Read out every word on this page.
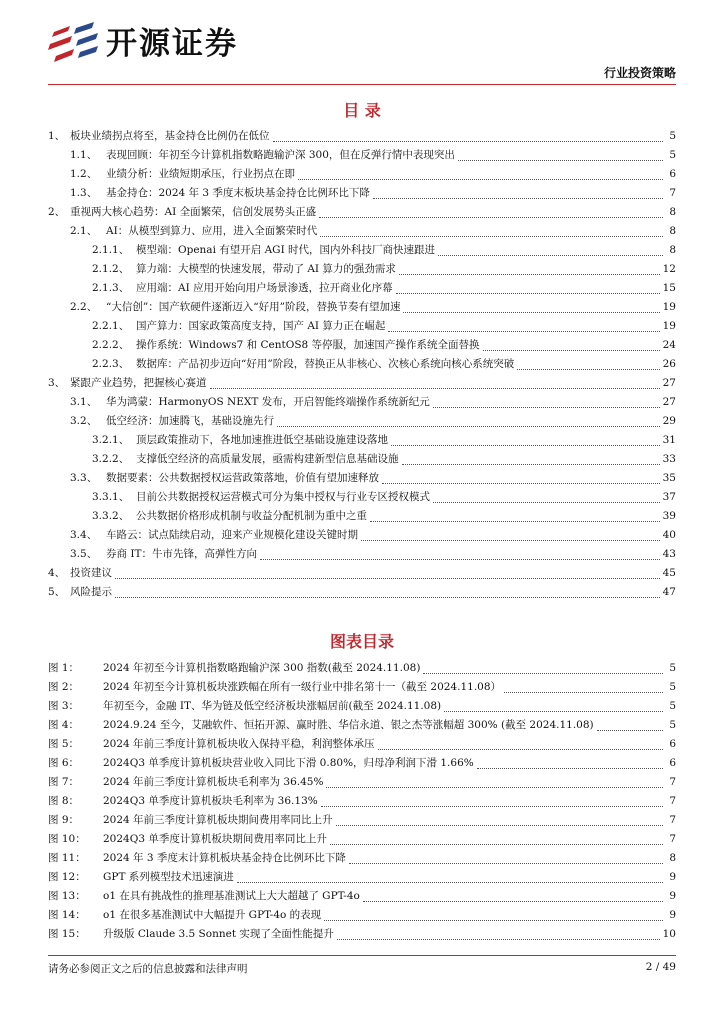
开源证券
行业投资策略
目 录
1、 板块业绩拐点将至，基金持仓比例仍在低位	5
1.1、 表现回顾：年初至今计算机指数略跑输沪深 300，但在反弹行情中表现突出	5
1.2、 业绩分析：业绩短期承压，行业拐点在即	6
1.3、 基金持仓：2024 年 3 季度末板块基金持仓比例环比下降	7
2、 重视两大核心趋势：AI 全面繁荣，信创发展势头正盛	8
2.1、 AI：从模型到算力、应用，进入全面繁荣时代	8
2.1.1、 模型端：Openai 有望开启 AGI 时代，国内外科技厂商快速跟进	8
2.1.2、 算力端：大模型的快速发展，带动了 AI 算力的强劲需求	12
2.1.3、 应用端：AI 应用开始向用户场景渗透，拉开商业化序幕	15
2.2、 “大信创”：国产软硬件逐渐迈入“好用”阶段，替换节奏有望加速	19
2.2.1、 国产算力：国家政策高度支持，国产 AI 算力正在崛起	19
2.2.2、 操作系统：Windows7 和 CentOS8 等停服，加速国产操作系统全面替换	24
2.2.3、 数据库：产品初步迈向“好用”阶段，替换正从非核心、次核心系统向核心系统突破	26
3、 紧跟产业趋势，把握核心赛道	27
3.1、 华为鸿蒙：HarmonyOS NEXT 发布，开启智能终端操作系统新纪元	27
3.2、 低空经济：加速腾飞，基础设施先行	29
3.2.1、 顶层政策推动下，各地加速推进低空基础设施建设落地	31
3.2.2、 支撑低空经济的高质量发展，亟需构建新型信息基础设施	33
3.3、 数据要素：公共数据授权运营政策落地，价值有望加速释放	35
3.3.1、 目前公共数据授权运营模式可分为集中授权与行业专区授权模式	37
3.3.2、 公共数据价格形成机制与收益分配机制为重中之重	39
3.4、 车路云：试点陆续启动，迎来产业规模化建设关键时期	40
3.5、 券商 IT：牛市先锋，高弹性方向	43
4、 投资建议	45
5、 风险提示	47
图表目录
图 1：	2024 年初至今计算机指数略跑输沪深 300 指数(截至 2024.11.08)	5
图 2：	2024 年初至今计算机板块涨跌幅在所有一级行业中排名第十一（截至 2024.11.08）	5
图 3：	年初至今，金融 IT、华为链及低空经济板块涨幅居前(截至 2024.11.08)	5
图 4：	2024.9.24 至今，艾融软件、恒拓开源、赢时胜、华信永道、银之杰等涨幅超 300% (截至 2024.11.08)	5
图 5：	2024 年前三季度计算机板块收入保持平稳，利润整体承压	6
图 6：	2024Q3 单季度计算机板块营业收入同比下滑 0.80%，归母净利润下滑 1.66%	6
图 7：	2024 年前三季度计算机板块毛利率为 36.45%	7
图 8：	2024Q3 单季度计算机板块毛利率为 36.13%	7
图 9：	2024 年前三季度计算机板块期间费用率同比上升	7
图 10：	2024Q3 单季度计算机板块期间费用率同比上升	7
图 11：	2024 年 3 季度末计算机板块基金持仓比例环比下降	8
图 12：	GPT 系列模型技术迅速演进	9
图 13：	o1 在具有挑战性的推理基准测试上大大超越了 GPT-4o	9
图 14：	o1 在很多基准测试中大幅提升 GPT-4o 的表现	9
图 15：	升级版 Claude 3.5 Sonnet 实现了全面性能提升	10
请务必参阅正文之后的信息披露和法律声明	2 / 49
